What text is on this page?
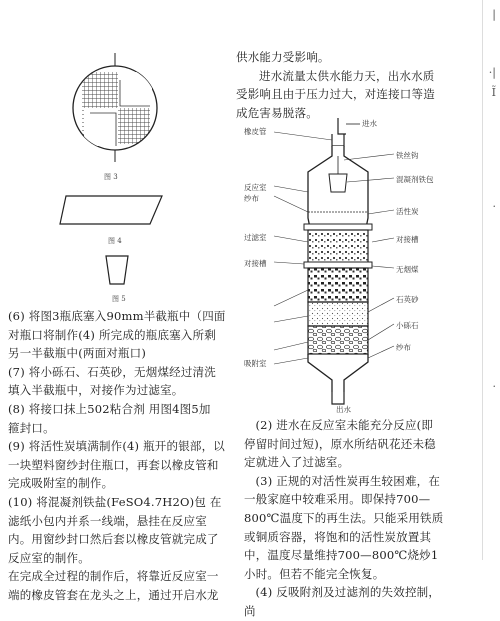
图 3
图 4
图 5

(6) 将图3瓶底塞入90mm半截瓶中（四面对瓶口将制作(4) 所完成的瓶底塞入所剩另一半截瓶中(两面对瓶口)

(7) 将小砾石、石英砂，无烟煤经过清洗填入半截瓶中，对接作为过滤室。

(8) 将接口抹上502粘合剂 用图4图5加 箍封口。

(9) 将活性炭填满制作(4) 瓶开的银部，以一块塑料窗纱封住瓶口，再套以橡皮管和完成吸附室的制作。

(10) 将混凝剂铁盐(FeSO4.7H2O)包 在滤纸小包内并系一线端，悬挂在反应室内。用窗纱封口然后套以橡皮管就完成了反应室的制作。

在完成全过程的制作后，将靠近反应室一端的橡皮管套在龙头之上，通过开启水龙

供水能力受影响。

进水流量太供水能力天，出水水质受影响且由于压力过大，对连接口等造成危害易脱落。

进水
橡皮管
铁丝钩
混凝剂铁包
反应室
纱布
活性炭
过滤室	对接槽
对接槽
无烟煤
石英砂
小砾石
纱布
吸附室
出水

(2) 进水在反应室未能充分反应(即停留时间过短)，原水所结矾花还未稳定就进入了过滤室。

(3) 正规的对活性炭再生较困难，在一般家庭中较难采用。即保持700—800℃温度下的再生法。只能采用铁质或铜质容器，将饱和的活性炭放置其中，温度尽量维持700—800℃烧炒1小时。但若不能完全恢复。

(4) 反吸附剂及过滤剂的失效控制，尚

|
·|
Ĩ
·
·
